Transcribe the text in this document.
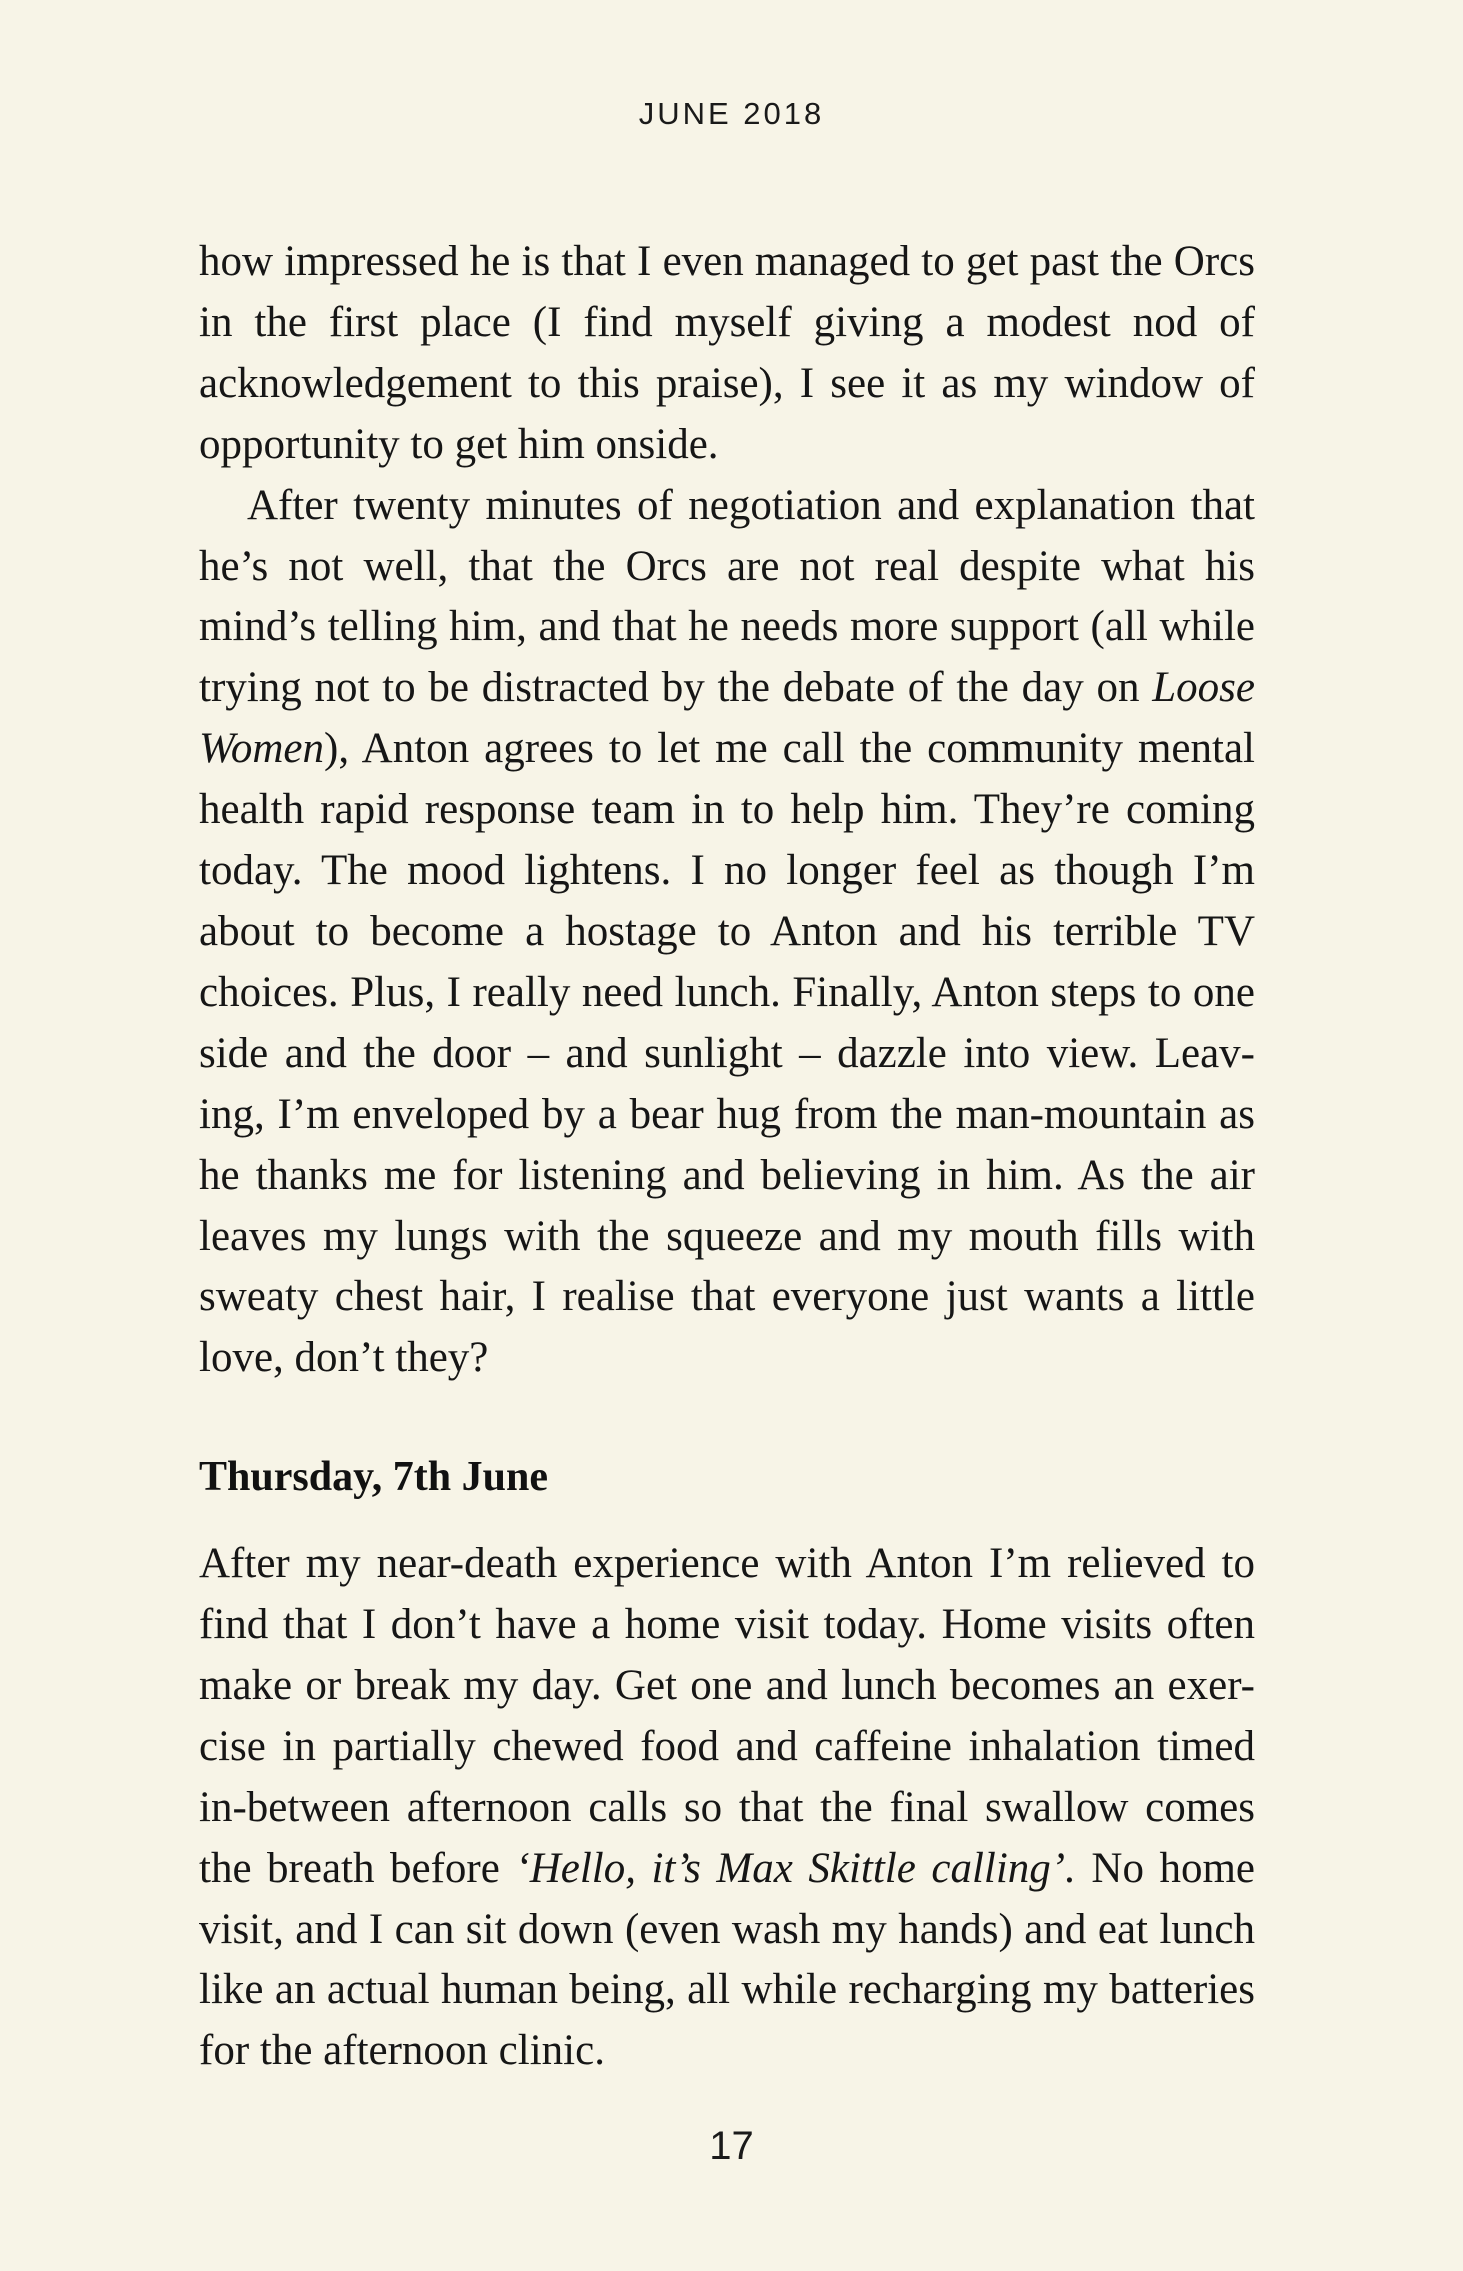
JUNE 2018

how impressed he is that I even managed to get past the Orcs in the first place (I find myself giving a modest nod of acknowledgement to this praise), I see it as my window of opportunity to get him onside.

After twenty minutes of negotiation and explanation that he’s not well, that the Orcs are not real despite what his mind’s telling him, and that he needs more support (all while trying not to be distracted by the debate of the day on Loose Women), Anton agrees to let me call the community mental health rapid response team in to help him. They’re coming today. The mood lightens. I no longer feel as though I’m about to become a hostage to Anton and his terrible TV choices. Plus, I really need lunch. Finally, Anton steps to one side and the door – and sunlight – dazzle into view. Leav-ing, I’m enveloped by a bear hug from the man-mountain as he thanks me for listening and believing in him. As the air leaves my lungs with the squeeze and my mouth fills with sweaty chest hair, I realise that everyone just wants a little love, don’t they?

Thursday, 7th June

After my near-death experience with Anton I’m relieved to find that I don’t have a home visit today. Home visits often make or break my day. Get one and lunch becomes an exer-cise in partially chewed food and caffeine inhalation timed in-between afternoon calls so that the final swallow comes the breath before ‘Hello, it’s Max Skittle calling’. No home visit, and I can sit down (even wash my hands) and eat lunch like an actual human being, all while recharging my batteries for the afternoon clinic.

17
